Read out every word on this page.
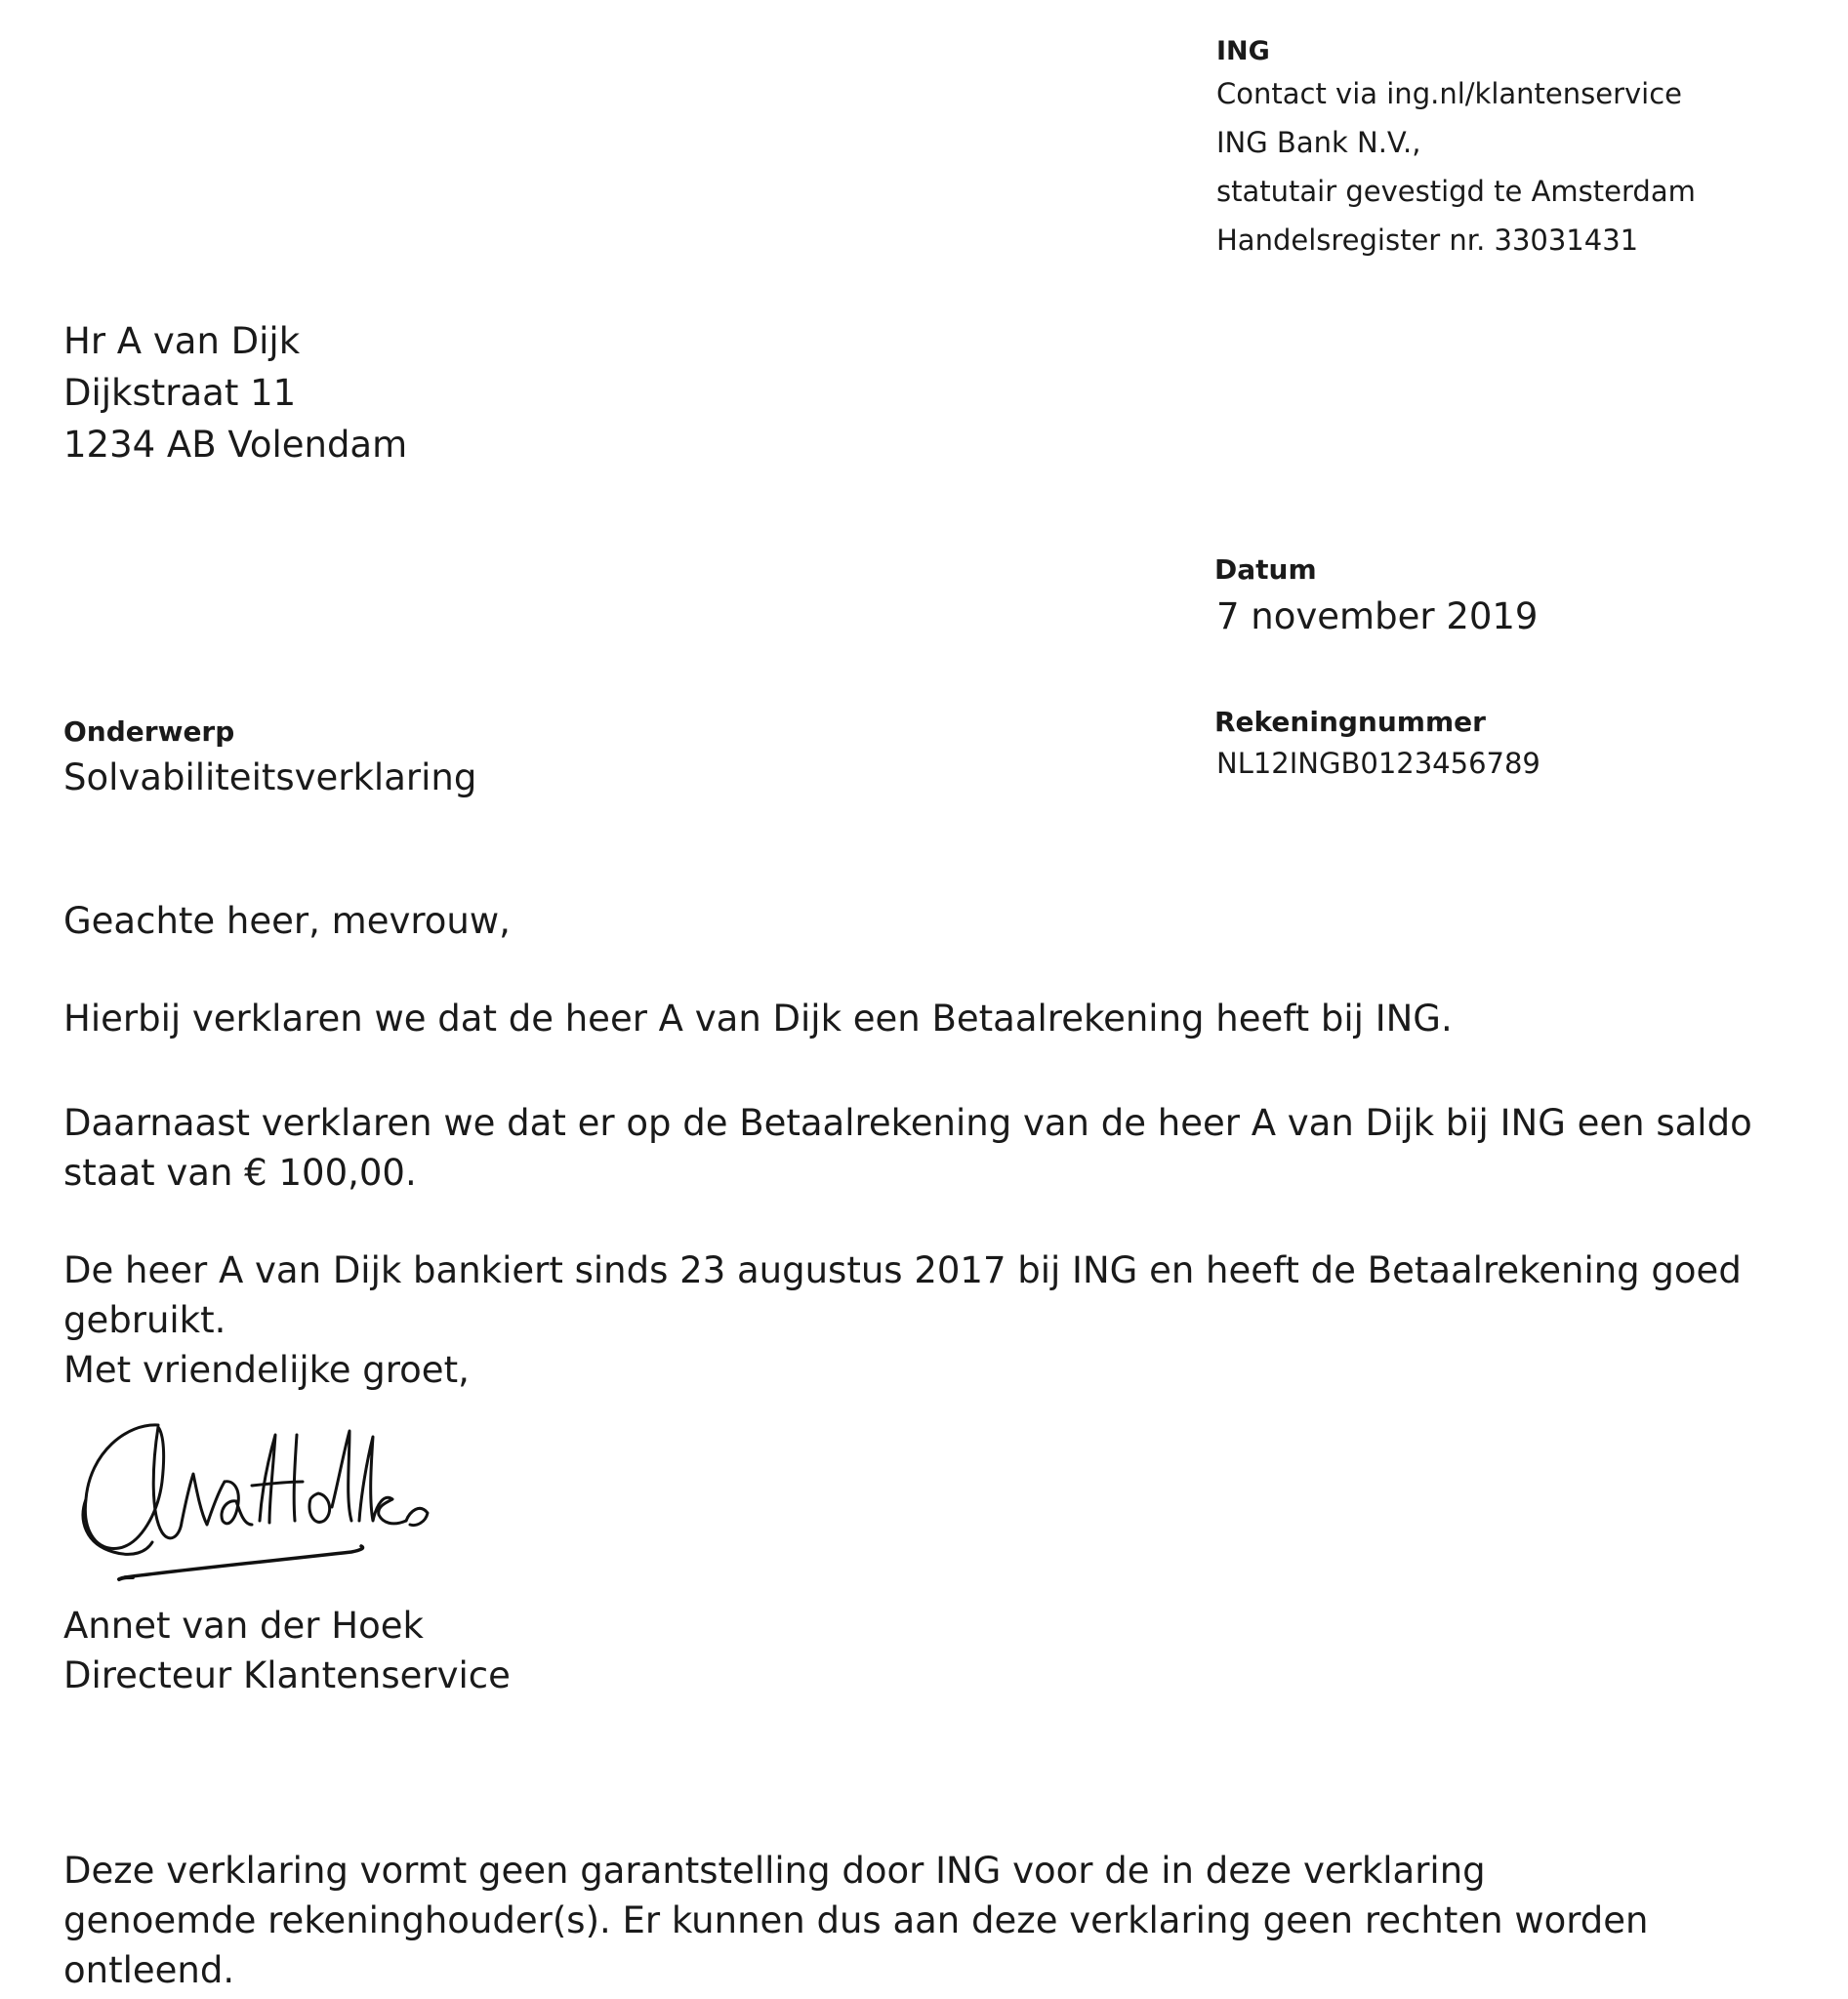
ING
Contact via ing.nl/klantenservice
ING Bank N.V.,
statutair gevestigd te Amsterdam
Handelsregister nr. 33031431
Hr A van Dijk
Dijkstraat 11
1234 AB Volendam
Datum
7 november 2019
Rekeningnummer
NL12INGB0123456789
Onderwerp
Solvabiliteitsverklaring
Geachte heer, mevrouw,
Hierbij verklaren we dat de heer A van Dijk een Betaalrekening heeft bij ING.
Daarnaast verklaren we dat er op de Betaalrekening van de heer A van Dijk bij ING een saldo staat van € 100,00.
De heer A van Dijk bankiert sinds 23 augustus 2017 bij ING en heeft de Betaalrekening goed gebruikt.
Met vriendelijke groet,
Annet van der Hoek
Directeur Klantenservice
Deze verklaring vormt geen garantstelling door ING voor de in deze verklaring genoemde rekeninghouder(s). Er kunnen dus aan deze verklaring geen rechten worden ontleend.
